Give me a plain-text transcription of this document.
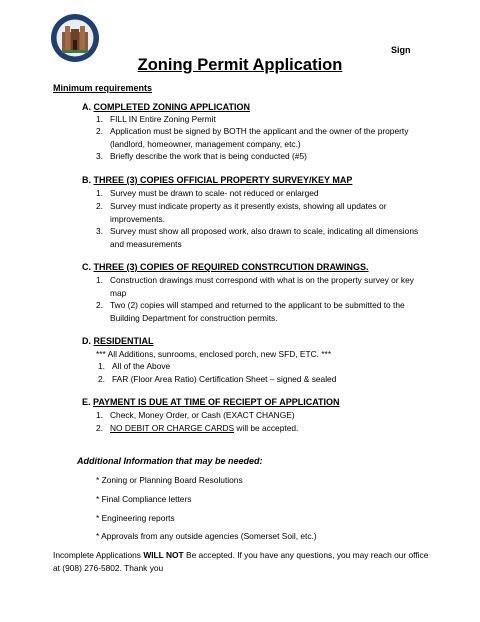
Sign
Zoning Permit Application
Minimum requirements
A. COMPLETED ZONING APPLICATION
1. FILL IN Entire Zoning Permit
2. Application must be signed by BOTH the applicant and the owner of the property (landlord, homeowner, management company, etc.)
3. Briefly describe the work that is being conducted (#5)
B. THREE (3) COPIES OFFICIAL PROPERTY SURVEY/KEY MAP
1. Survey must be drawn to scale- not reduced or enlarged
2. Survey must indicate property as it presently exists, showing all updates or improvements.
3. Survey must show all proposed work, also drawn to scale, indicating all dimensions and measurements
C. THREE (3) COPIES OF REQUIRED CONSTRCUTION DRAWINGS.
1. Construction drawings must correspond with what is on the property survey or key map
2. Two (2) copies will stamped and returned to the applicant to be submitted to the Building Department for construction permits.
D. RESIDENTIAL
*** All Additions, sunrooms, enclosed porch, new SFD, ETC. ***
1. All of the Above
2. FAR (Floor Area Ratio) Certification Sheet – signed & sealed
E. PAYMENT IS DUE AT TIME OF RECIEPT OF APPLICATION
1. Check, Money Order, or Cash (EXACT CHANGE)
2. NO DEBIT OR CHARGE CARDS will be accepted.
Additional Information that may be needed:
* Zoning or Planning Board Resolutions
* Final Compliance letters
* Engineering reports
* Approvals from any outside agencies (Somerset Soil, etc.)
Incomplete Applications WILL NOT Be accepted. If you have any questions, you may reach our office at (908) 276-5802. Thank you
